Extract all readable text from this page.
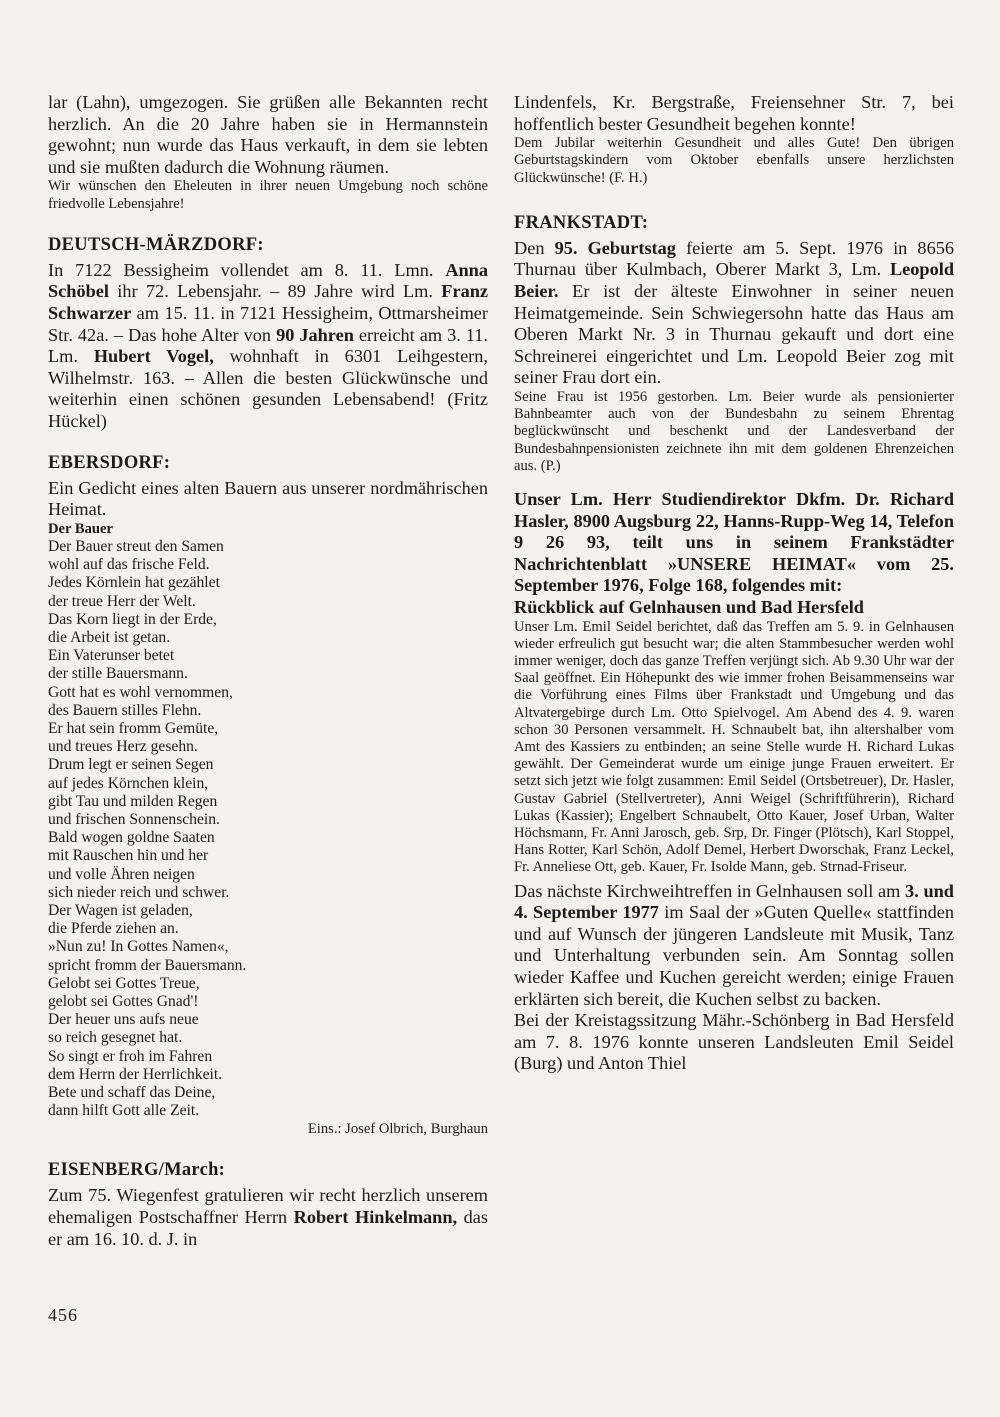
lar (Lahn), umgezogen. Sie grüßen alle Bekannten recht herzlich. An die 20 Jahre haben sie in Hermannstein gewohnt; nun wurde das Haus verkauft, in dem sie lebten und sie mußten dadurch die Wohnung räumen.

Wir wünschen den Eheleuten in ihrer neuen Umgebung noch schöne friedvolle Lebensjahre!

DEUTSCH-MÄRZDORF:

In 7122 Bessigheim vollendet am 8. 11. Lmn. Anna Schöbel ihr 72. Lebensjahr. – 89 Jahre wird Lm. Franz Schwarzer am 15. 11. in 7121 Hessigheim, Ottmarsheimer Str. 42a. – Das hohe Alter von 90 Jahren erreicht am 3. 11. Lm. Hubert Vogel, wohnhaft in 6301 Leihgestern, Wilhelmstr. 163. – Allen die besten Glückwünsche und weiterhin einen schönen gesunden Lebensabend! (Fritz Hückel)

EBERSDORF:

Ein Gedicht eines alten Bauern aus unserer nordmährischen Heimat.

Der Bauer
Der Bauer streut den Samen
wohl auf das frische Feld.
Jedes Körnlein hat gezählet
der treue Herr der Welt.
Das Korn liegt in der Erde,
die Arbeit ist getan.
Ein Vaterunser betet
der stille Bauersmann.
Gott hat es wohl vernommen,
des Bauern stilles Flehn.
Er hat sein fromm Gemüte,
und treues Herz gesehn.
Drum legt er seinen Segen
auf jedes Körnchen klein,
gibt Tau und milden Regen
und frischen Sonnenschein.
Bald wogen goldne Saaten
mit Rauschen hin und her
und volle Ähren neigen
sich nieder reich und schwer.
Der Wagen ist geladen,
die Pferde ziehen an.
»Nun zu! In Gottes Namen«,
spricht fromm der Bauersmann.
Gelobt sei Gottes Treue,
gelobt sei Gottes Gnad'!
Der heuer uns aufs neue
so reich gesegnet hat.
So singt er froh im Fahren
dem Herrn der Herrlichkeit.
Bete und schaff das Deine,
dann hilft Gott alle Zeit.
Eins.: Josef Olbrich, Burghaun
EISENBERG/March:

Zum 75. Wiegenfest gratulieren wir recht herzlich unserem ehemaligen Postschaffner Herrn Robert Hinkelmann, das er am 16. 10. d. J. in

Lindenfels, Kr. Bergstraße, Freiensehner Str. 7, bei hoffentlich bester Gesundheit begehen konnte!

Dem Jubilar weiterhin Gesundheit und alles Gute! Den übrigen Geburtstagskindern vom Oktober ebenfalls unsere herzlichsten Glückwünsche! (F. H.)

FRANKSTADT:

Den 95. Geburtstag feierte am 5. Sept. 1976 in 8656 Thurnau über Kulmbach, Oberer Markt 3, Lm. Leopold Beier. Er ist der älteste Einwohner in seiner neuen Heimatgemeinde. Sein Schwiegersohn hatte das Haus am Oberen Markt Nr. 3 in Thurnau gekauft und dort eine Schreinerei eingerichtet und Lm. Leopold Beier zog mit seiner Frau dort ein.

Seine Frau ist 1956 gestorben. Lm. Beier wurde als pensionierter Bahnbeamter auch von der Bundesbahn zu seinem Ehrentag beglückwünscht und beschenkt und der Landesverband der Bundesbahnpensionisten zeichnete ihn mit dem goldenen Ehrenzeichen aus. (P.)

Unser Lm. Herr Studiendirektor Dkfm. Dr. Richard Hasler, 8900 Augsburg 22, Hanns-Rupp-Weg 14, Telefon 9 26 93, teilt uns in seinem Frankstädter Nachrichtenblatt »UNSERE HEIMAT« vom 25. September 1976, Folge 168, folgendes mit:

Rückblick auf Gelnhausen und Bad Hersfeld

Unser Lm. Emil Seidel berichtet, daß das Treffen am 5. 9. in Gelnhausen wieder erfreulich gut besucht war; die alten Stammbesucher werden wohl immer weniger, doch das ganze Treffen verjüngt sich. Ab 9.30 Uhr war der Saal geöffnet. Ein Höhepunkt des wie immer frohen Beisammenseins war die Vorführung eines Films über Frankstadt und Umgebung und das Altvatergebirge durch Lm. Otto Spielvogel. Am Abend des 4. 9. waren schon 30 Personen versammelt. H. Schnaubelt bat, ihn altershalber vom Amt des Kassiers zu entbinden; an seine Stelle wurde H. Richard Lukas gewählt. Der Gemeinderat wurde um einige junge Frauen erweitert. Er setzt sich jetzt wie folgt zusammen: Emil Seidel (Ortsbetreuer), Dr. Hasler, Gustav Gabriel (Stellvertreter), Anni Weigel (Schriftführerin), Richard Lukas (Kassier); Engelbert Schnaubelt, Otto Kauer, Josef Urban, Walter Höchsmann, Fr. Anni Jarosch, geb. Srp, Dr. Finger (Plötsch), Karl Stoppel, Hans Rotter, Karl Schön, Adolf Demel, Herbert Dworschak, Franz Leckel, Fr. Anneliese Ott, geb. Kauer, Fr. Isolde Mann, geb. Strnad-Friseur.

Das nächste Kirchweihtreffen in Gelnhausen soll am 3. und 4. September 1977 im Saal der »Guten Quelle« stattfinden und auf Wunsch der jüngeren Landsleute mit Musik, Tanz und Unterhaltung verbunden sein. Am Sonntag sollen wieder Kaffee und Kuchen gereicht werden; einige Frauen erklärten sich bereit, die Kuchen selbst zu backen.

Bei der Kreistagssitzung Mähr.-Schönberg in Bad Hersfeld am 7. 8. 1976 konnte unseren Landsleuten Emil Seidel (Burg) und Anton Thiel

456
